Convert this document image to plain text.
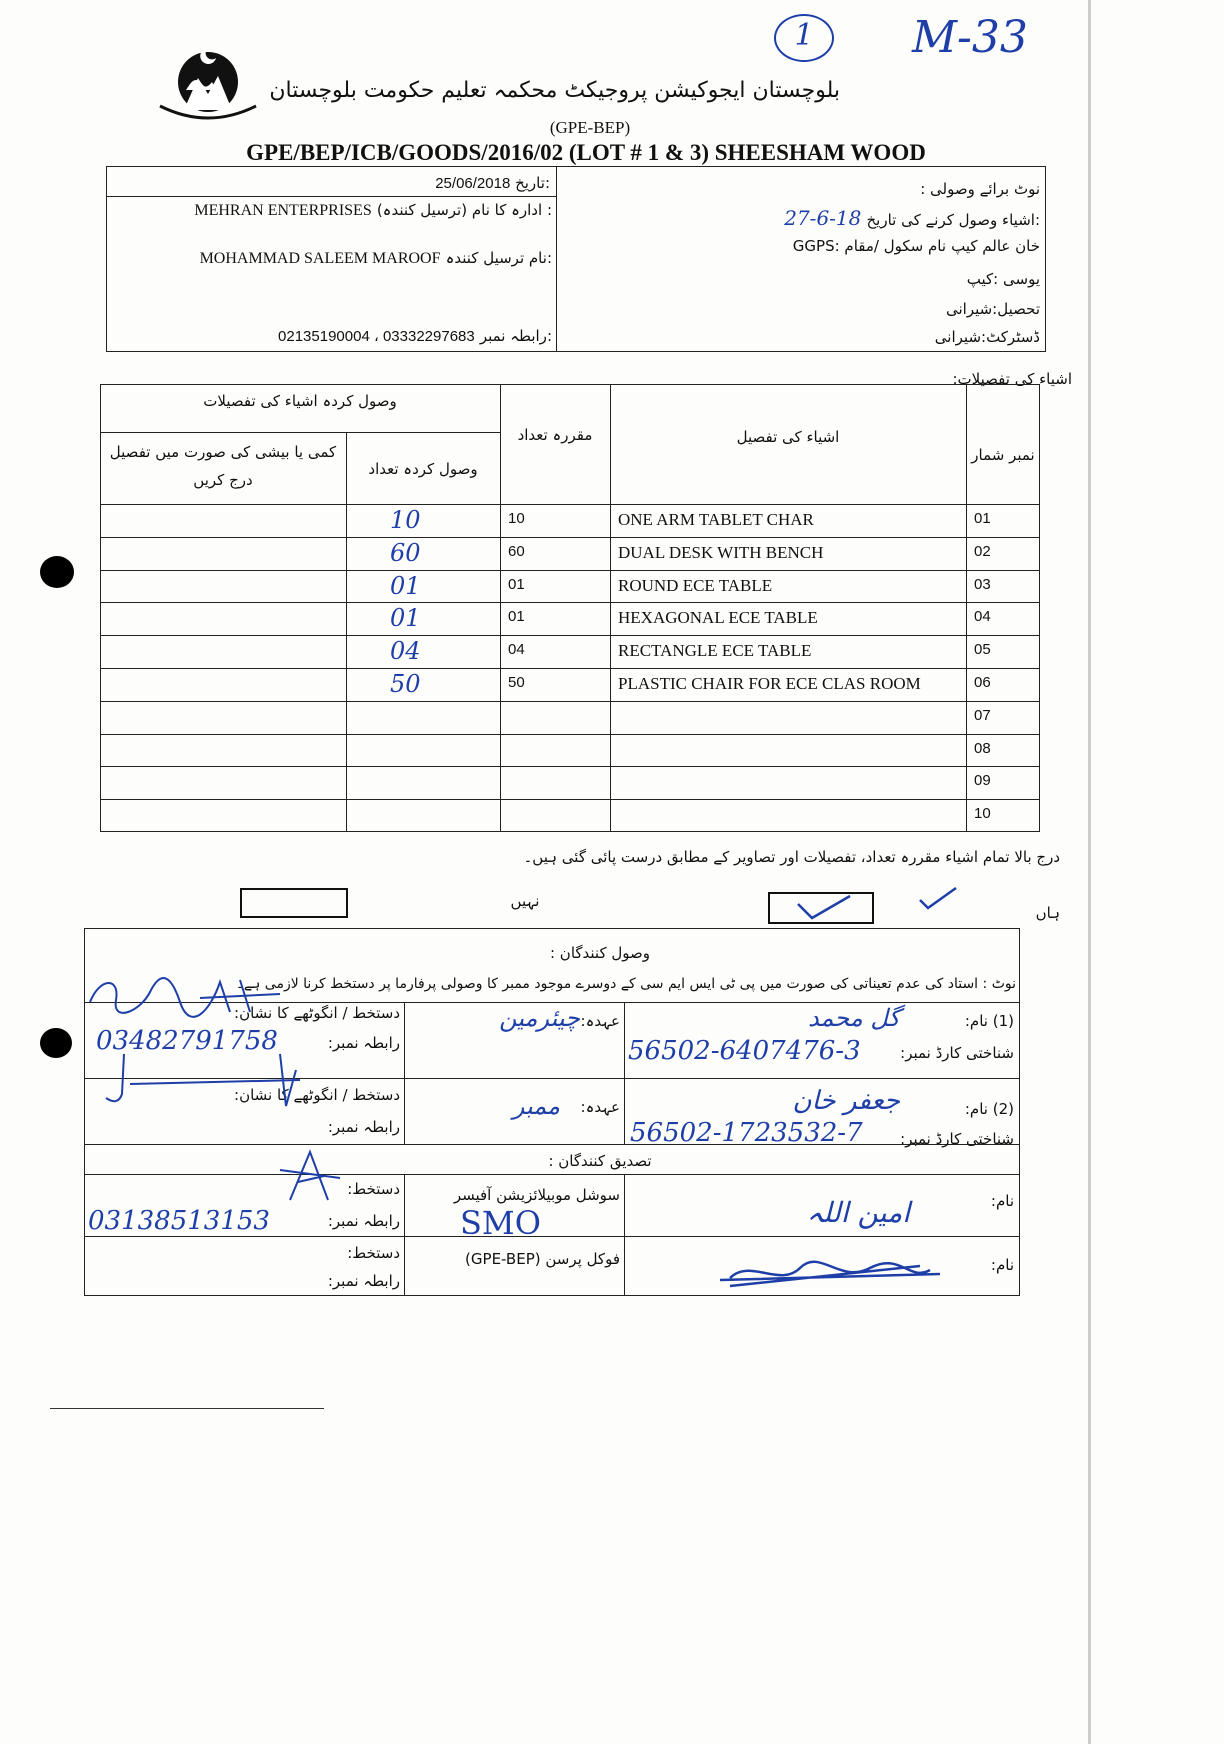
1	M-33
بلوچستان ایجوکیشن پروجیکٹ محکمہ تعلیم حکومت بلوچستان
(GPE-BEP)
GPE/BEP/ICB/GOODS/2016/02 (LOT # 1 & 3) SHEESHAM WOOD
25/06/2018 تاریخ:
MEHRAN ENTERPRISES ادارہ کا نام (ترسیل کنندہ) :
MOHAMMAD SALEEM MAROOF نام ترسیل کنندہ:
02135190004 ، 03332297683 رابطہ نمبر:
نوٹ برائے وصولی :
27-6-18 اشیاء وصول کرنے کی تاریخ:
GGPS: خان عالم کیپ نام سکول /مقام
یوسی :کیپ
تحصیل:شیرانی
ڈسٹرکٹ:شیرانی
اشیاء کی تفصیلات:
نمبر شمار
اشیاء کی تفصیل
مقررہ تعداد
وصول کردہ اشیاء کی تفصیلات
وصول کردہ تعداد
کمی یا بیشی کی صورت میں تفصیل درج کریں
01
ONE ARM TABLET CHAR
10
10
02
DUAL DESK WITH BENCH
60
60
03
ROUND ECE TABLE
01
01
04
HEXAGONAL ECE TABLE
01
01
05
RECTANGLE ECE TABLE
04
04
06
PLASTIC CHAIR FOR ECE CLAS ROOM
50
50
07
08
09
10
درج بالا تمام اشیاء مقررہ تعداد، تفصیلات اور تصاویر کے مطابق درست پائی گئی ہیں۔
نہیں
ہاں
وصول کنندگان :
نوٹ : استاد کی عدم تعیناتی کی صورت میں پی ٹی ایس ایم سی کے دوسرے موجود ممبر کا وصولی پرفارما پر دستخط کرنا لازمی ہے۔
(1) نام:
گل محمد
شناختی کارڈ نمبر:
56502-6407476-3
عہدہ:
چیئرمین
دستخط / انگوٹھے کا نشان:
رابطہ نمبر:
03482791758
(2) نام:
جعفر خان
شناختی کارڈ نمبر:
56502-1723532-7
عہدہ:
ممبر
دستخط / انگوٹھے کا نشان:
رابطہ نمبر:
تصدیق کنندگان :
نام:
امین اللہ
سوشل موبیلائزیشن آفیسر
SMO
دستخط:
رابطہ نمبر:
03138513153
نام:
فوکل پرسن (GPE-BEP)
دستخط:
رابطہ نمبر:
